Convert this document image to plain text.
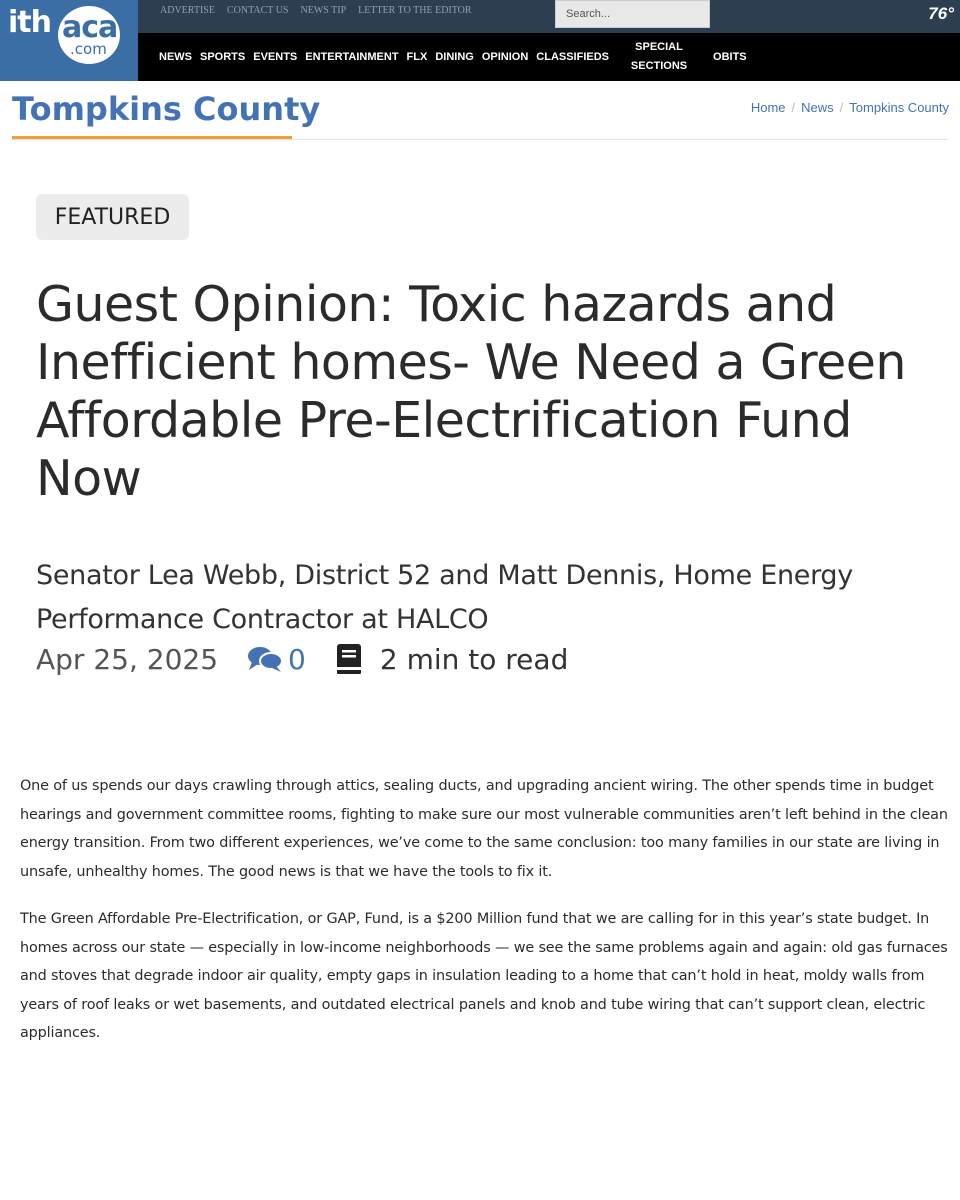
ith aca
.com
ADVERTISE CONTACT US NEWS TIP LETTER TO THE EDITOR	Search...	76°
NEWS SPORTS EVENTS ENTERTAINMENT FLX DINING OPINION CLASSIFIEDS
SPECIAL SECTIONS
OBITS
Tompkins County	Home / News / Tompkins County
FEATURED
Guest Opinion: Toxic hazards and Inefficient homes- We Need a Green Affordable Pre-Electrification Fund Now
Senator Lea Webb, District 52 and Matt Dennis, Home Energy Performance Contractor at HALCO
Apr 25, 2025	0	2 min to read

One of us spends our days crawling through attics, sealing ducts, and upgrading ancient wiring. The other spends time in budget hearings and government committee rooms, fighting to make sure our most vulnerable communities aren’t left behind in the clean energy transition. From two different experiences, we’ve come to the same conclusion: too many families in our state are living in unsafe, unhealthy homes. The good news is that we have the tools to fix it.

The Green Affordable Pre-Electrification, or GAP, Fund, is a $200 Million fund that we are calling for in this year’s state budget. In homes across our state — especially in low-income neighborhoods — we see the same problems again and again: old gas furnaces and stoves that degrade indoor air quality, empty gaps in insulation leading to a home that can’t hold in heat, moldy walls from years of roof leaks or wet basements, and outdated electrical panels and knob and tube wiring that can’t support clean, electric appliances.
